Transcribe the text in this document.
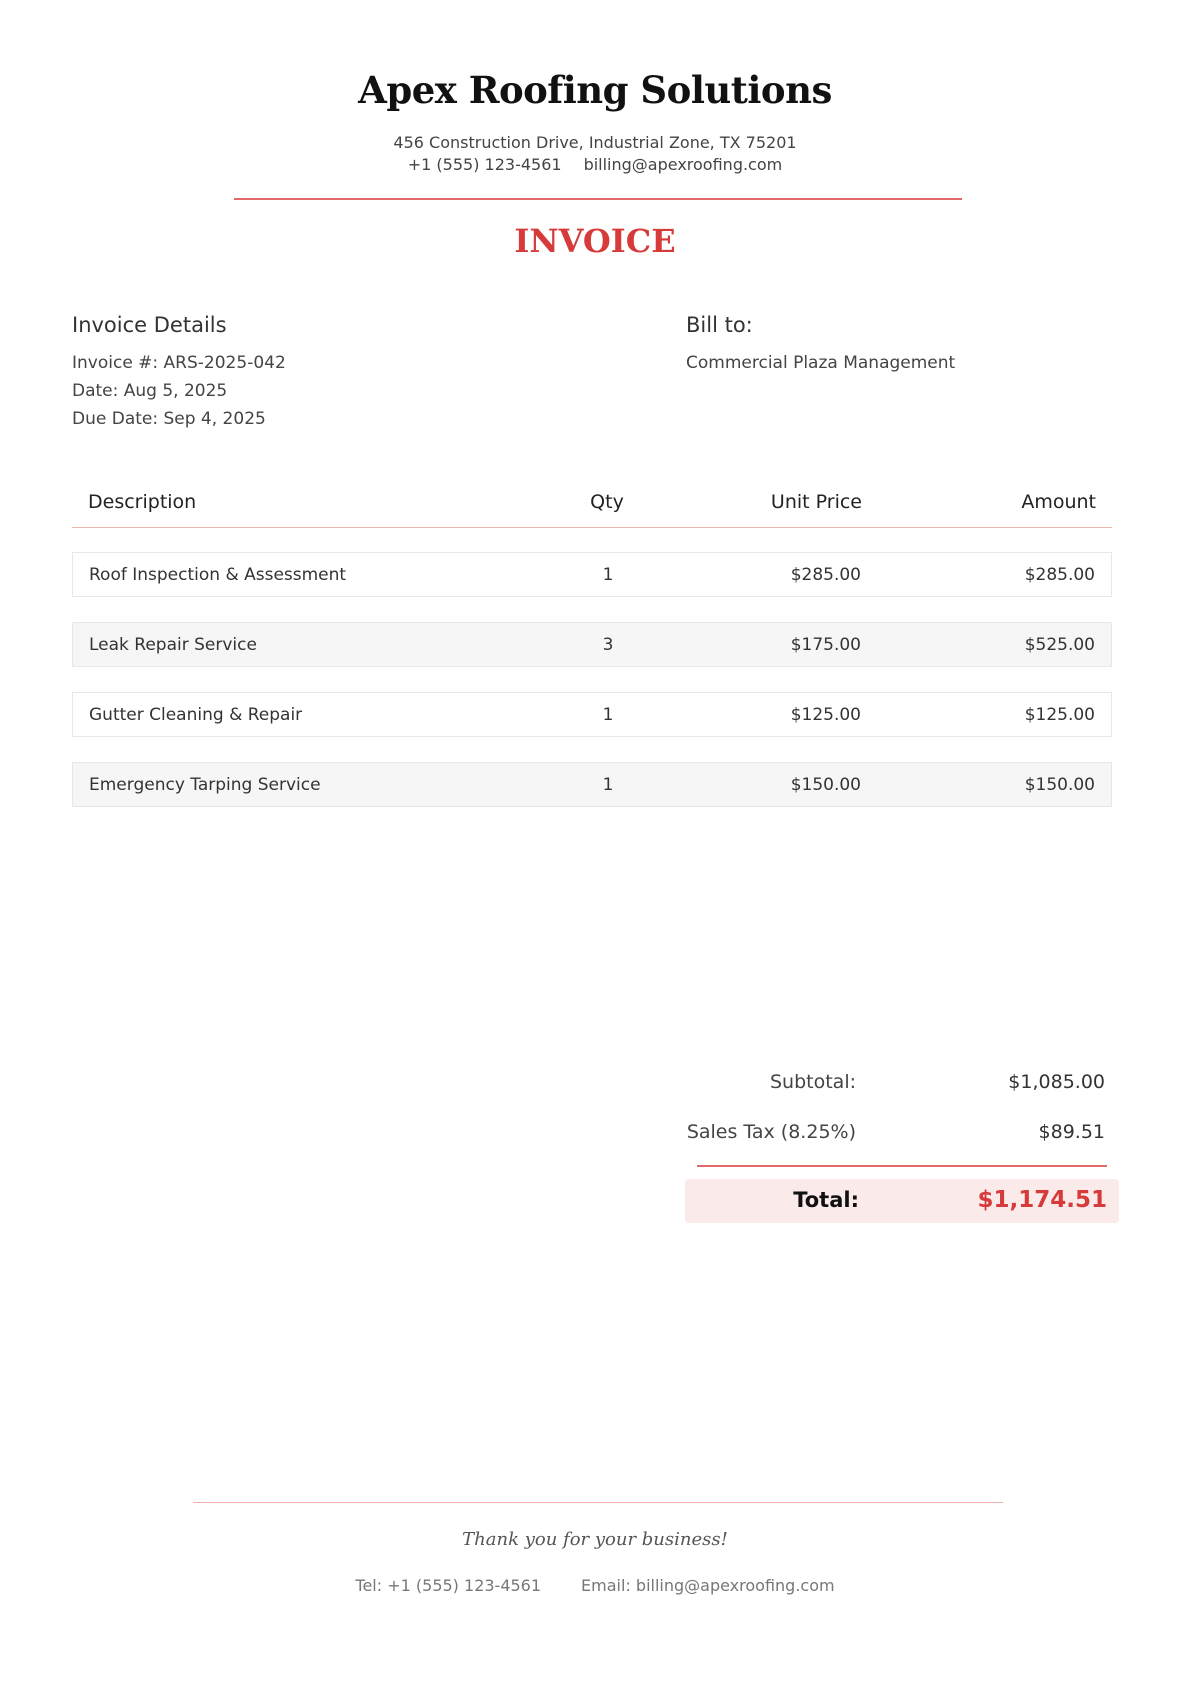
Apex Roofing Solutions
456 Construction Drive, Industrial Zone, TX 75201
+1 (555) 123-4561 billing@apexroofing.com
INVOICE
Invoice Details
Invoice #: ARS-2025-042
Date: Aug 5, 2025
Due Date: Sep 4, 2025
Bill to:
Commercial Plaza Management
Description	Qty	Unit Price	Amount
Roof Inspection & Assessment	1	$285.00	$285.00
Leak Repair Service	3	$175.00	$525.00
Gutter Cleaning & Repair	1	$125.00	$125.00
Emergency Tarping Service	1	$150.00	$150.00
Subtotal:	$1,085.00
Sales Tax (8.25%)	$89.51
Total:	$1,174.51
Thank you for your business!
Tel: +1 (555) 123-4561	Email: billing@apexroofing.com
